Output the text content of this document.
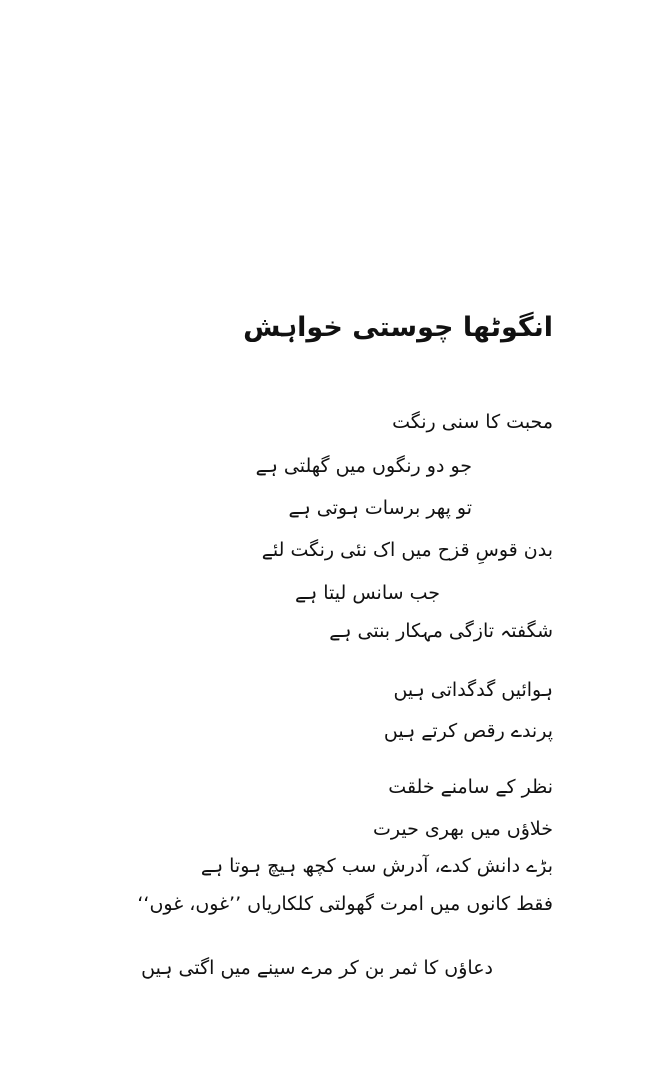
انگوٹھا چوستی خواہش
محبت کا سنی رنگت
جو دو رنگوں میں گھلتی ہے
تو پھر برسات ہوتی ہے
بدن قوسِ قزح میں اک نئی رنگت لئے
جب سانس لیتا ہے
شگفتہ تازگی مہکار بنتی ہے
ہوائیں گدگداتی ہیں
پرندے رقص کرتے ہیں
نظر کے سامنے خلقت
خلاؤں میں بھری حیرت
بڑے دانش کدے، آدرش سب کچھ ہیچ ہوتا ہے
فقط کانوں میں امرت گھولتی کلکاریاں ’’غوں، غوں‘‘
دعاؤں کا ثمر بن کر مرے سینے میں اگتی ہیں
